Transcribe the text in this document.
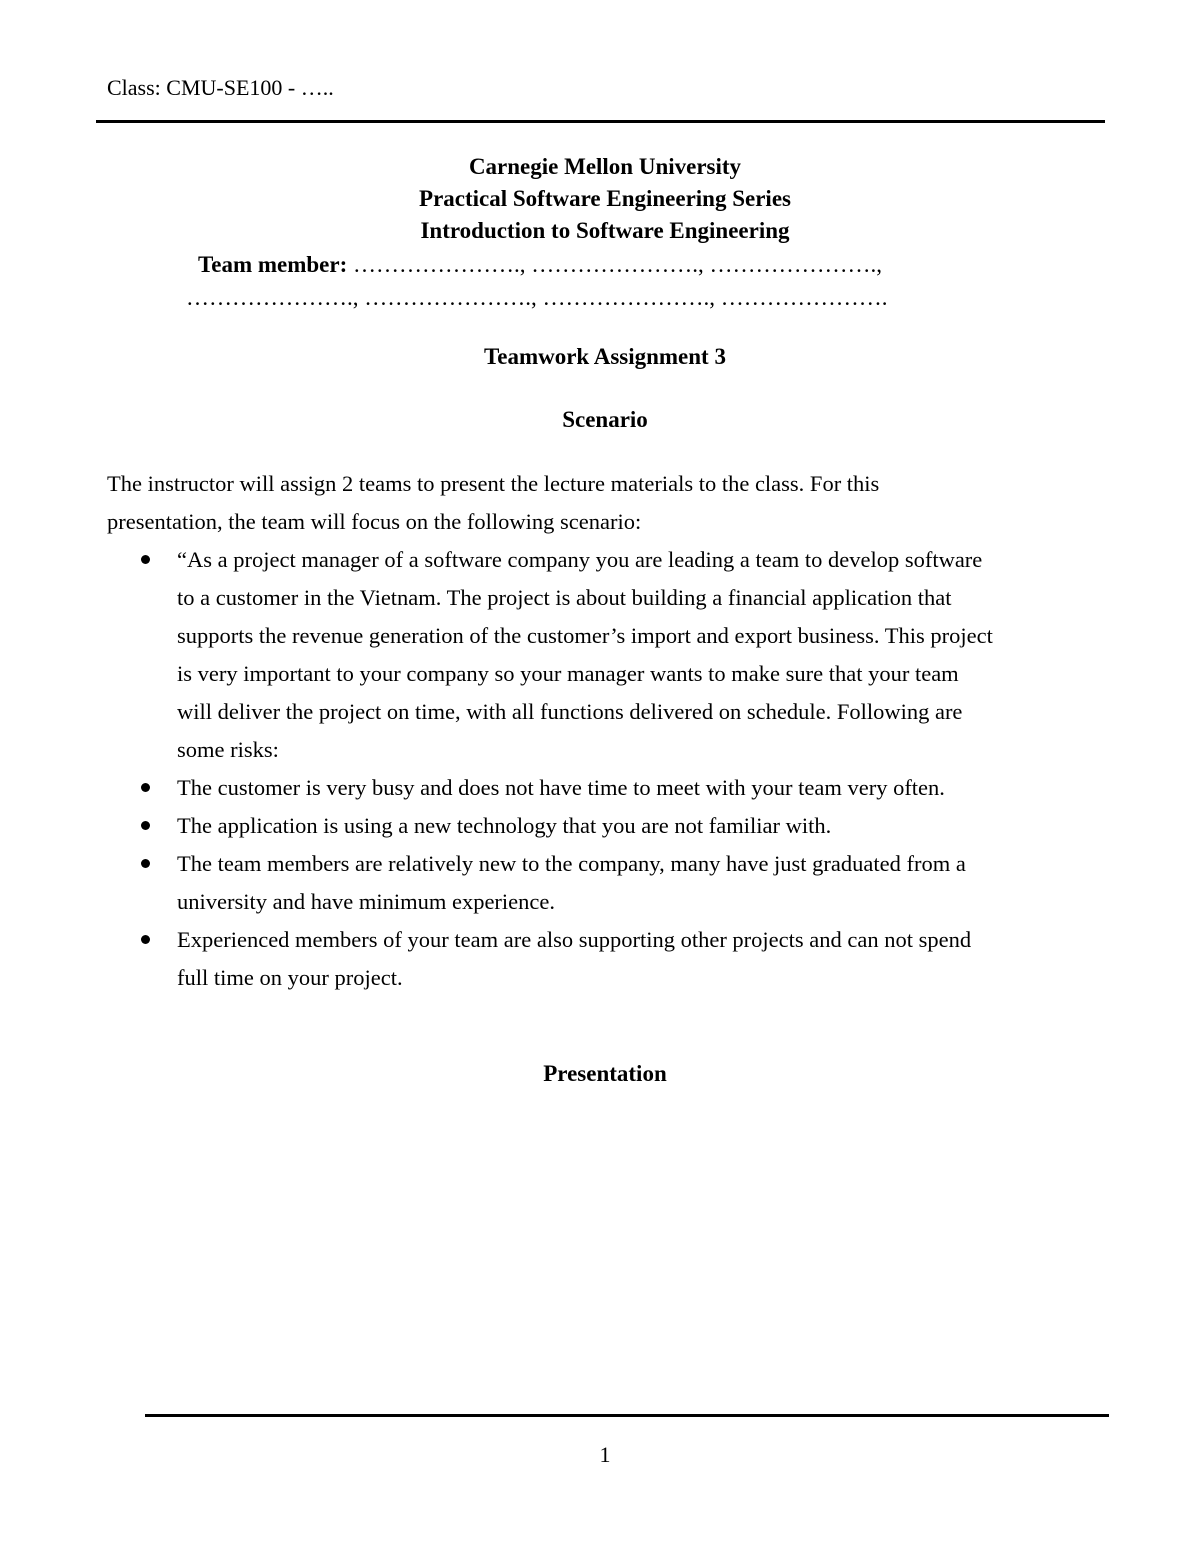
Class: CMU-SE100 - …..
Carnegie Mellon University
Practical Software Engineering Series
Introduction to Software Engineering
Team member: …………………., …………………., ………………….,
…………………., …………………., …………………., ………………….
Teamwork Assignment 3
Scenario
The instructor will assign 2 teams to present the lecture materials to the class. For this
presentation, the team will focus on the following scenario:
“As a project manager of a software company you are leading a team to develop software
to a customer in the Vietnam. The project is about building a financial application that
supports the revenue generation of the customer’s import and export business. This project
is very important to your company so your manager wants to make sure that your team
will deliver the project on time, with all functions delivered on schedule. Following are
some risks:
The customer is very busy and does not have time to meet with your team very often.
The application is using a new technology that you are not familiar with.
The team members are relatively new to the company, many have just graduated from a
university and have minimum experience.
Experienced members of your team are also supporting other projects and can not spend
full time on your project.
Presentation
1
